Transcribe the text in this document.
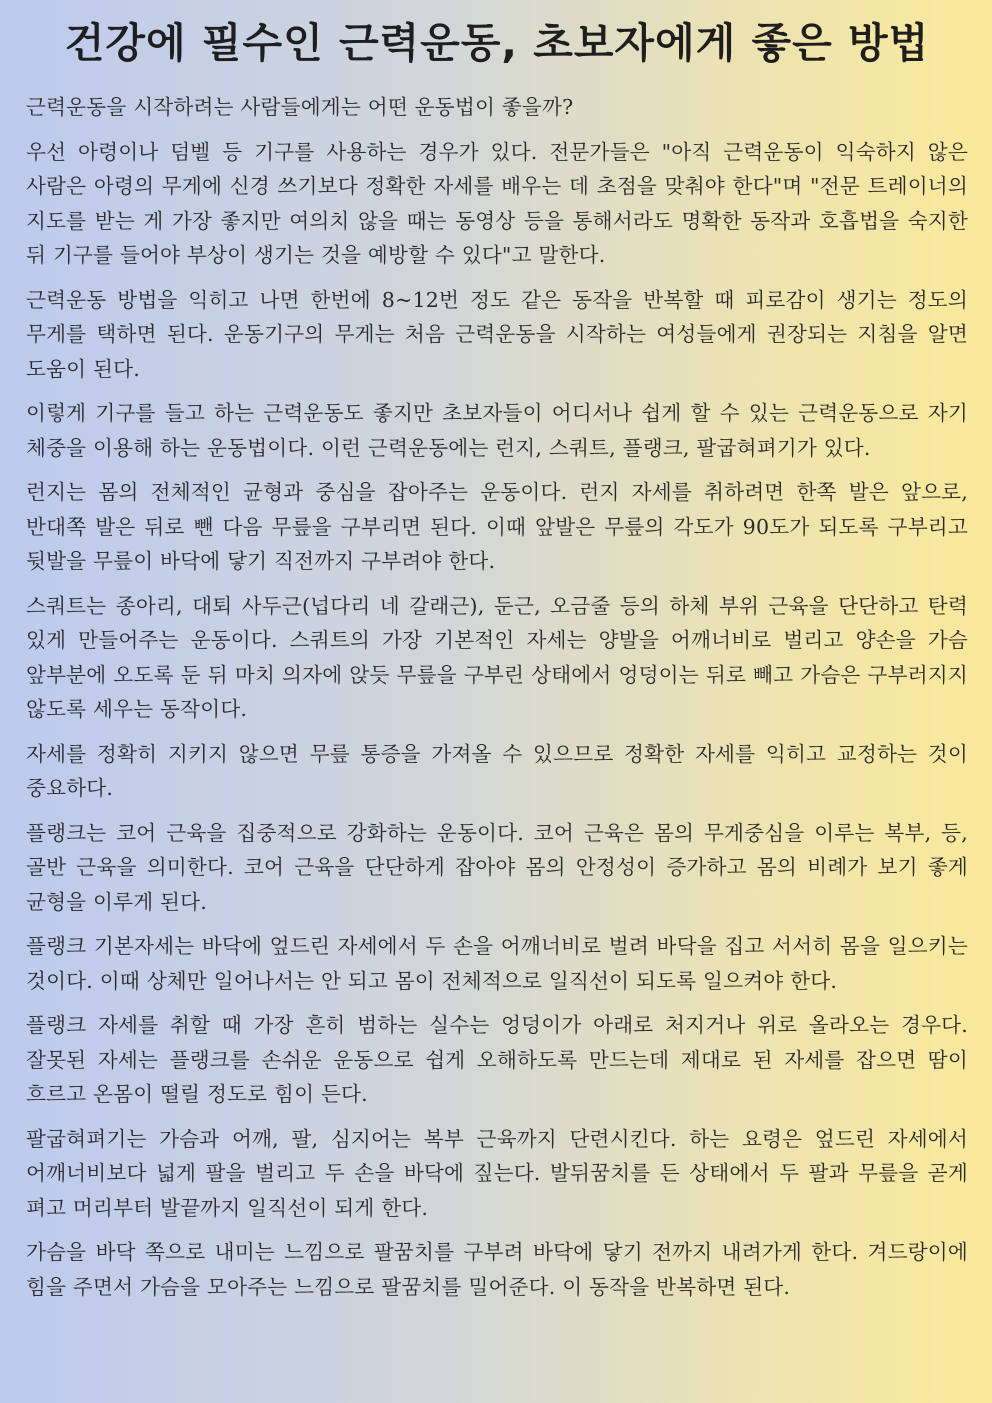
건강에 필수인 근력운동, 초보자에게 좋은 방법

근력운동을 시작하려는 사람들에게는 어떤 운동법이 좋을까?

우선 아령이나 덤벨 등 기구를 사용하는 경우가 있다. 전문가들은 "아직 근력운동이 익숙하지 않은 사람은 아령의 무게에 신경 쓰기보다 정확한 자세를 배우는 데 초점을 맞춰야 한다"며 "전문 트레이너의 지도를 받는 게 가장 좋지만 여의치 않을 때는 동영상 등을 통해서라도 명확한 동작과 호흡법을 숙지한 뒤 기구를 들어야 부상이 생기는 것을 예방할 수 있다"고 말한다.

근력운동 방법을 익히고 나면 한번에 8~12번 정도 같은 동작을 반복할 때 피로감이 생기는 정도의 무게를 택하면 된다. 운동기구의 무게는 처음 근력운동을 시작하는 여성들에게 권장되는 지침을 알면 도움이 된다.

이렇게 기구를 들고 하는 근력운동도 좋지만 초보자들이 어디서나 쉽게 할 수 있는 근력운동으로 자기 체중을 이용해 하는 운동법이다. 이런 근력운동에는 런지, 스쿼트, 플랭크, 팔굽혀펴기가 있다.

런지는 몸의 전체적인 균형과 중심을 잡아주는 운동이다. 런지 자세를 취하려면 한쪽 발은 앞으로, 반대쪽 발은 뒤로 뺀 다음 무릎을 구부리면 된다. 이때 앞발은 무릎의 각도가 90도가 되도록 구부리고 뒷발을 무릎이 바닥에 닿기 직전까지 구부려야 한다.

스쿼트는 종아리, 대퇴 사두근(넙다리 네 갈래근), 둔근, 오금줄 등의 하체 부위 근육을 단단하고 탄력 있게 만들어주는 운동이다. 스쿼트의 가장 기본적인 자세는 양발을 어깨너비로 벌리고 양손을 가슴 앞부분에 오도록 둔 뒤 마치 의자에 앉듯 무릎을 구부린 상태에서 엉덩이는 뒤로 빼고 가슴은 구부러지지 않도록 세우는 동작이다.

자세를 정확히 지키지 않으면 무릎 통증을 가져올 수 있으므로 정확한 자세를 익히고 교정하는 것이 중요하다.

플랭크는 코어 근육을 집중적으로 강화하는 운동이다. 코어 근육은 몸의 무게중심을 이루는 복부, 등, 골반 근육을 의미한다. 코어 근육을 단단하게 잡아야 몸의 안정성이 증가하고 몸의 비례가 보기 좋게 균형을 이루게 된다.

플랭크 기본자세는 바닥에 엎드린 자세에서 두 손을 어깨너비로 벌려 바닥을 집고 서서히 몸을 일으키는 것이다. 이때 상체만 일어나서는 안 되고 몸이 전체적으로 일직선이 되도록 일으켜야 한다.

플랭크 자세를 취할 때 가장 흔히 범하는 실수는 엉덩이가 아래로 처지거나 위로 올라오는 경우다. 잘못된 자세는 플랭크를 손쉬운 운동으로 쉽게 오해하도록 만드는데 제대로 된 자세를 잡으면 땀이 흐르고 온몸이 떨릴 정도로 힘이 든다.

팔굽혀펴기는 가슴과 어깨, 팔, 심지어는 복부 근육까지 단련시킨다. 하는 요령은 엎드린 자세에서 어깨너비보다 넓게 팔을 벌리고 두 손을 바닥에 짚는다. 발뒤꿈치를 든 상태에서 두 팔과 무릎을 곧게 펴고 머리부터 발끝까지 일직선이 되게 한다.

가슴을 바닥 쪽으로 내미는 느낌으로 팔꿈치를 구부려 바닥에 닿기 전까지 내려가게 한다. 겨드랑이에 힘을 주면서 가슴을 모아주는 느낌으로 팔꿈치를 밀어준다. 이 동작을 반복하면 된다.
